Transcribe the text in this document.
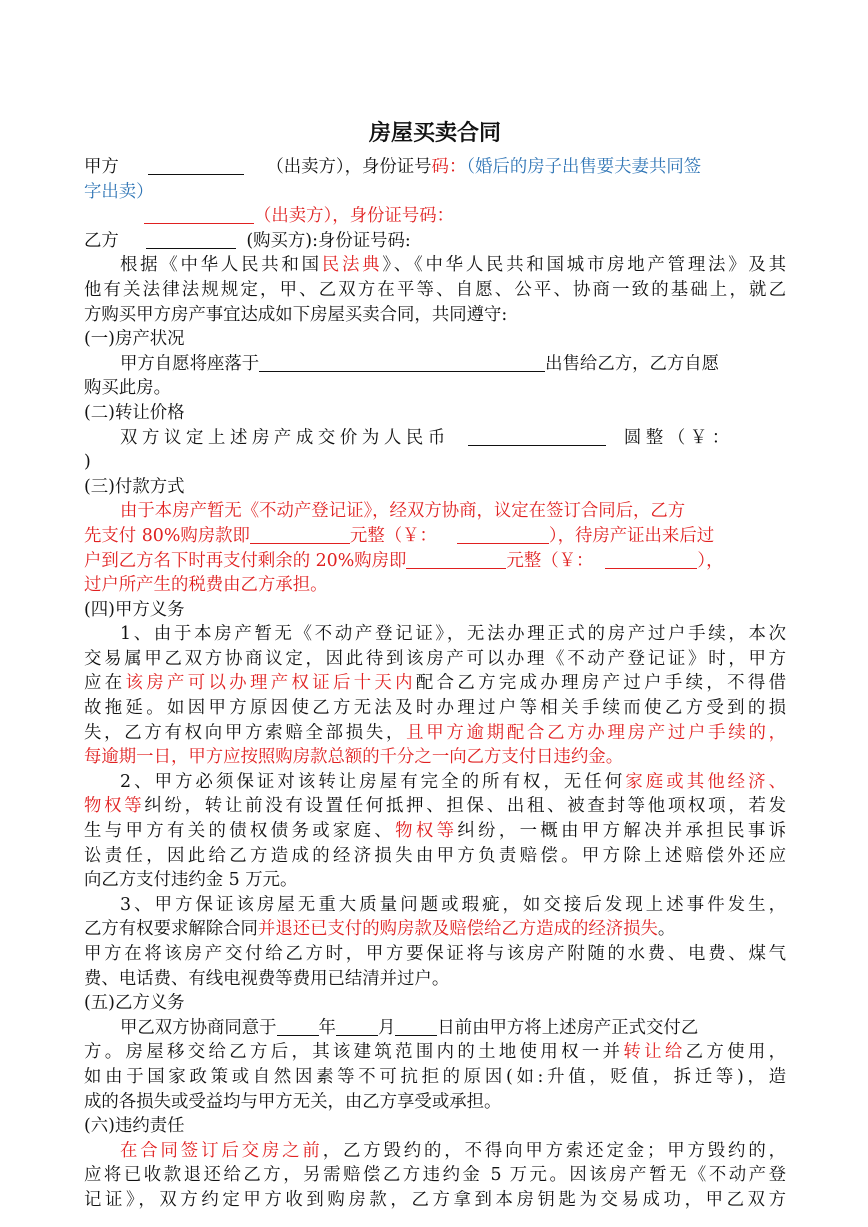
房屋买卖合同
甲方	（出卖方），身份证号码：（婚后的房子出售要夫妻共同签
字出卖）
（出卖方），身份证号码：
乙方	(购买方):身份证号码:
根据《中华人民共和国民法典》、《中华人民共和国城市房地产管理法》及其
他有关法律法规规定，甲、乙双方在平等、自愿、公平、协商一致的基础上，就乙
方购买甲方房产事宜达成如下房屋买卖合同，共同遵守:
(一)房产状况
甲方自愿将座落于	出售给乙方，乙方自愿
购买此房。
(二)转让价格
双方议定上述房产成交价为人民币	圆整（￥：
)
(三)付款方式
由于本房产暂无《不动产登记证》，经双方协商，议定在签订合同后，乙方
先支付 80%购房款即	元整（￥：	），待房产证出来后过
户到乙方名下时再支付剩余的 20%购房即	元整（￥：	），
过户所产生的税费由乙方承担。
(四)甲方义务
1、由于本房产暂无《不动产登记证》，无法办理正式的房产过户手续，本次
交易属甲乙双方协商议定，因此待到该房产可以办理《不动产登记证》时，甲方
应在该房产可以办理产权证后十天内配合乙方完成办理房产过户手续，不得借
故拖延。如因甲方原因使乙方无法及时办理过户等相关手续而使乙方受到的损
失，乙方有权向甲方索赔全部损失，且甲方逾期配合乙方办理房产过户手续的，
每逾期一日，甲方应按照购房款总额的千分之一向乙方支付日违约金。
2、甲方必须保证对该转让房屋有完全的所有权，无任何家庭或其他经济、
物权等纠纷，转让前没有设置任何抵押、担保、出租、被查封等他项权项，若发
生与甲方有关的债权债务或家庭、物权等纠纷，一概由甲方解决并承担民事诉
讼责任，因此给乙方造成的经济损失由甲方负责赔偿。甲方除上述赔偿外还应
向乙方支付违约金 5 万元。
3、甲方保证该房屋无重大质量问题或瑕疵，如交接后发现上述事件发生，
乙方有权要求解除合同并退还已支付的购房款及赔偿给乙方造成的经济损失。
甲方在将该房产交付给乙方时，甲方要保证将与该房产附随的水费、电费、煤气
费、电话费、有线电视费等费用已结清并过户。
(五)乙方义务
甲乙双方协商同意于 年 月 日前由甲方将上述房产正式交付乙
方。房屋移交给乙方后，其该建筑范围内的土地使用权一并转让给乙方使用，
如由于国家政策或自然因素等不可抗拒的原因(如:升值，贬值，拆迁等)，造
成的各损失或受益均与甲方无关，由乙方享受或承担。
(六)违约责任
在合同签订后交房之前，乙方毁约的，不得向甲方索还定金；甲方毁约的，
应将已收款退还给乙方，另需赔偿乙方违约金 5 万元。因该房产暂无《不动产登
记证》，双方约定甲方收到购房款，乙方拿到本房钥匙为交易成功，甲乙双方
